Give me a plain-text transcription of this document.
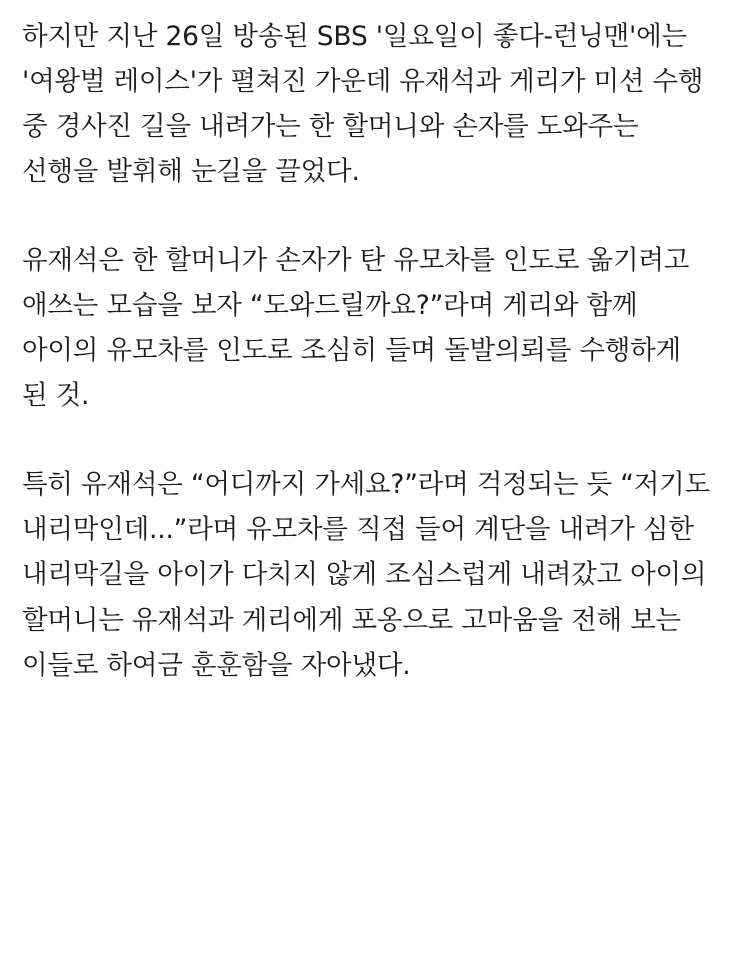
하지만 지난 26일 방송된 SBS '일요일이 좋다-런닝맨'에는 '여왕벌 레이스'가 펼쳐진 가운데 유재석과 게리가 미션 수행 중 경사진 길을 내려가는 한 할머니와 손자를 도와주는 선행을 발휘해 눈길을 끌었다.

유재석은 한 할머니가 손자가 탄 유모차를 인도로 옮기려고 애쓰는 모습을 보자 “도와드릴까요?”라며 게리와 함께 아이의 유모차를 인도로 조심히 들며 돌발의뢰를 수행하게 된 것.

특히 유재석은 “어디까지 가세요?”라며 걱정되는 듯 “저기도 내리막인데...”라며 유모차를 직접 들어 계단을 내려가 심한 내리막길을 아이가 다치지 않게 조심스럽게 내려갔고 아이의 할머니는 유재석과 게리에게 포옹으로 고마움을 전해 보는 이들로 하여금 훈훈함을 자아냈다.
